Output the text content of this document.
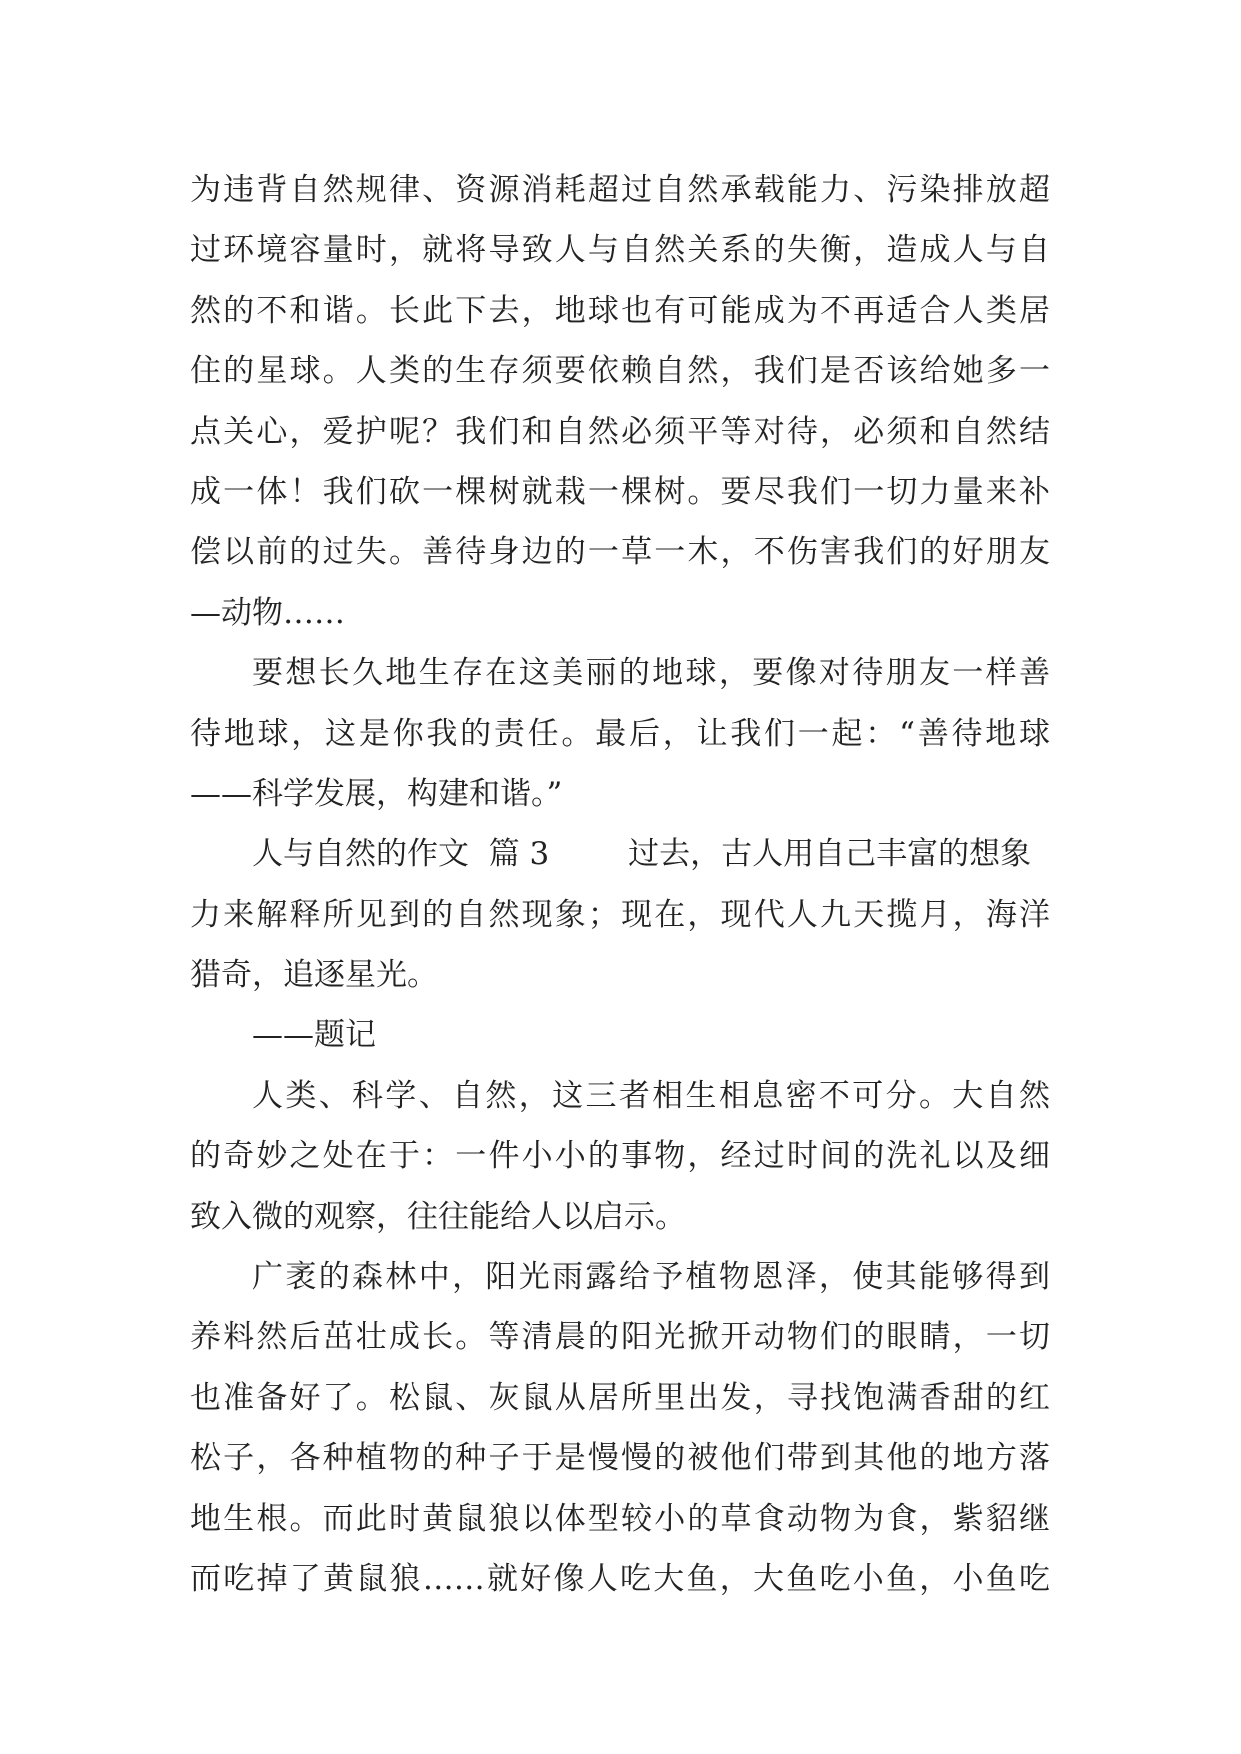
为违背自然规律、资源消耗超过自然承载能力、污染排放超
过环境容量时，就将导致人与自然关系的失衡，造成人与自
然的不和谐。长此下去，地球也有可能成为不再适合人类居
住的星球。人类的生存须要依赖自然，我们是否该给她多一
点关心，爱护呢？我们和自然必须平等对待，必须和自然结
成一体！我们砍一棵树就栽一棵树。要尽我们一切力量来补
偿以前的过失。善待身边的一草一木，不伤害我们的好朋友
—动物……
要想长久地生存在这美丽的地球，要像对待朋友一样善
待地球，这是你我的责任。最后，让我们一起：“善待地球
——科学发展，构建和谐。”
人与自然的作文  篇 3        过去，古人用自己丰富的想象
力来解释所见到的自然现象；现在，现代人九天揽月，海洋
猎奇，追逐星光。
——题记
人类、科学、自然，这三者相生相息密不可分。大自然
的奇妙之处在于：一件小小的事物，经过时间的洗礼以及细
致入微的观察，往往能给人以启示。
广袤的森林中，阳光雨露给予植物恩泽，使其能够得到
养料然后茁壮成长。等清晨的阳光掀开动物们的眼睛，一切
也准备好了。松鼠、灰鼠从居所里出发，寻找饱满香甜的红
松子，各种植物的种子于是慢慢的被他们带到其他的地方落
地生根。而此时黄鼠狼以体型较小的草食动物为食，紫貂继
而吃掉了黄鼠狼……就好像人吃大鱼，大鱼吃小鱼，小鱼吃
